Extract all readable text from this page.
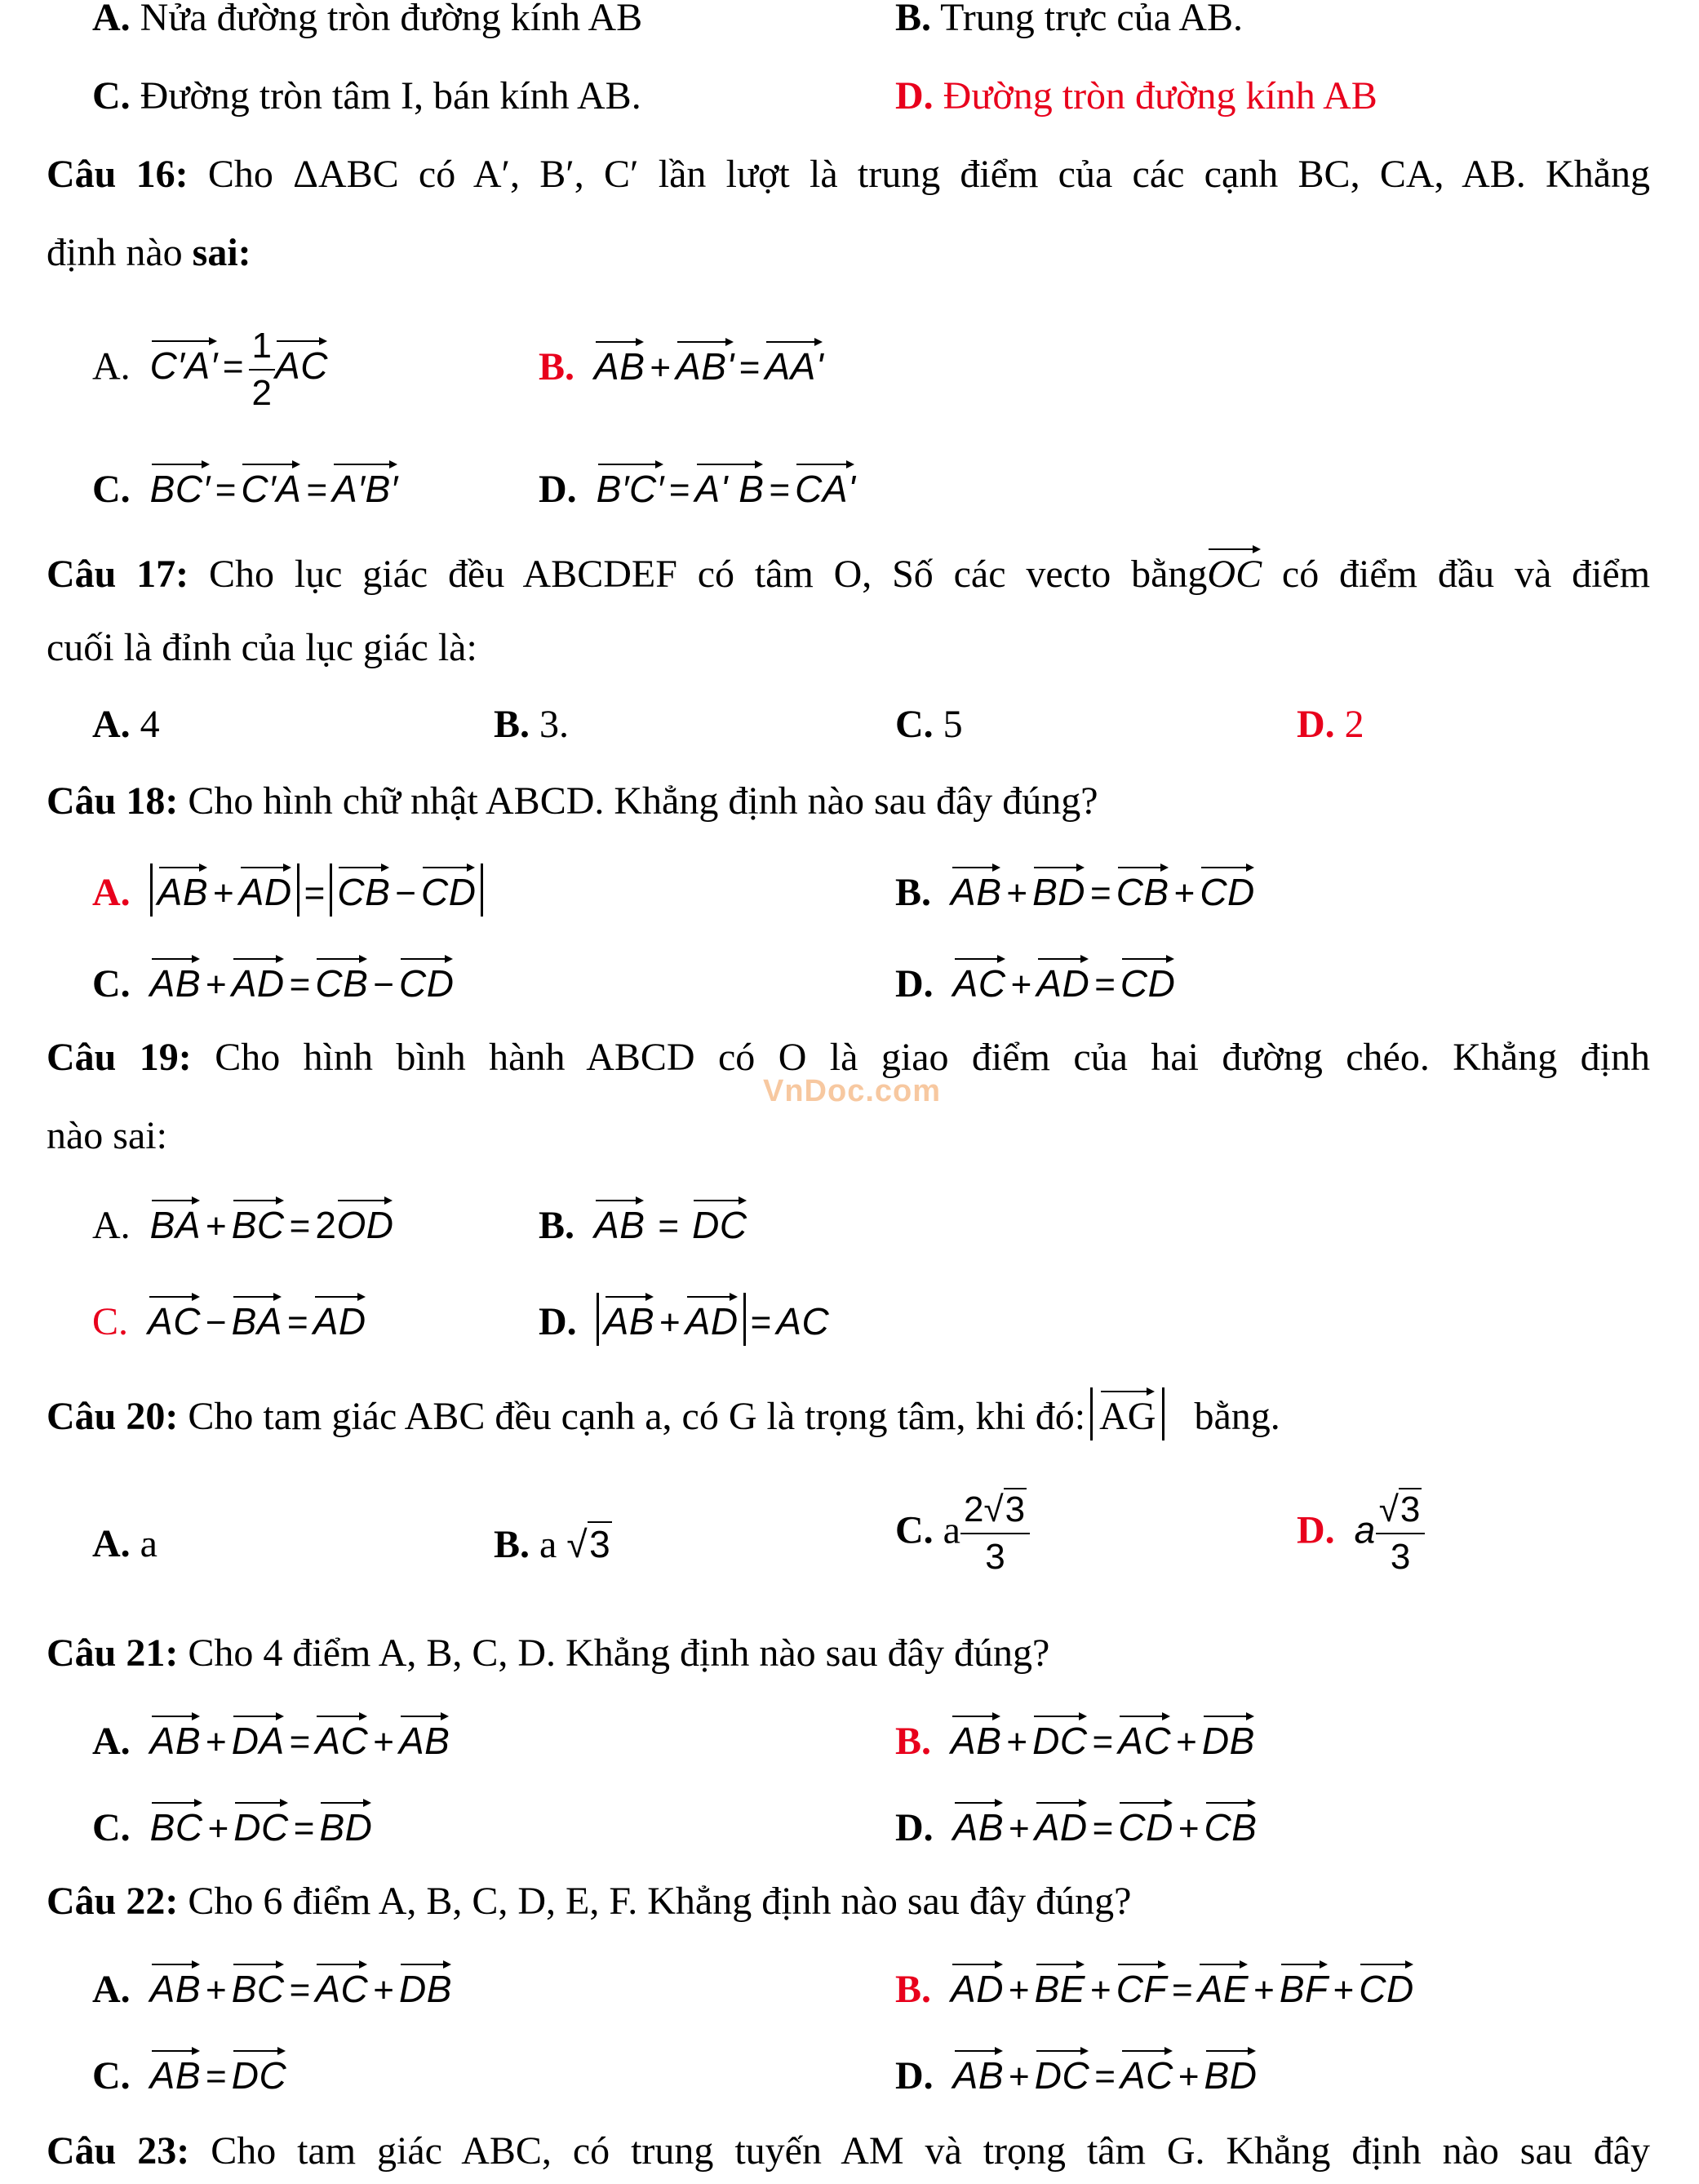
A. Nửa đường tròn đường kính AB	B. Trung trực của AB.
C. Đường tròn tâm I, bán kính AB.	D. Đường tròn đường kính AB
Câu 16: Cho ΔABC có A′, B′, C′ lần lượt là trung điểm của các cạnh BC, CA, AB. Khẳng
định nào sai:
A. $C'A' = \frac{1}{2}$ AC	B. AB + AB' = AA'
C. BC′ = C′A = A′B′	D. B′C′ = A' B = CA'
Câu 17: Cho lục giác đều ABCDEF có tâm O, Số các vecto bằngOC có điểm đầu và điểm
cuối là đỉnh của lục giác là:
A. 4	B. 3.	C. 5	D. 2
Câu 18: Cho hình chữ nhật ABCD. Khẳng định nào sau đây đúng?
A. AB + AD = CB − CD	B. AB + BD = CB + CD
C. AB + AD = CB − CD	D. AC + AD = CD
Câu 19: Cho hình bình hành ABCD có O là giao điểm của hai đường chéo. Khẳng định
VnDoc.com
nào sai:
A. BA + BC = 2OD	B. AB = DC
C. AC − BA = AD	D. AB + AD = AC
Câu 20: Cho tam giác ABC đều cạnh a, có G là trọng tâm, khi đó: AG bằng.
A. a	B. a √3	C. a $\frac{2√3}{3}$	D. a $\frac{√3}{3}$
Câu 21: Cho 4 điểm A, B, C, D. Khẳng định nào sau đây đúng?
A. AB + DA = AC + AB	B. AB + DC = AC + DB
C. BC + DC = BD	D. AB + AD = CD + CB
Câu 22: Cho 6 điểm A, B, C, D, E, F. Khẳng định nào sau đây đúng?
A. AB + BC = AC + DB	B. AD + BE + CF = AE + BF + CD
C. AB = DC	D. AB + DC = AC + BD
Câu 23: Cho tam giác ABC, có trung tuyến AM và trọng tâm G. Khẳng định nào sau đây
